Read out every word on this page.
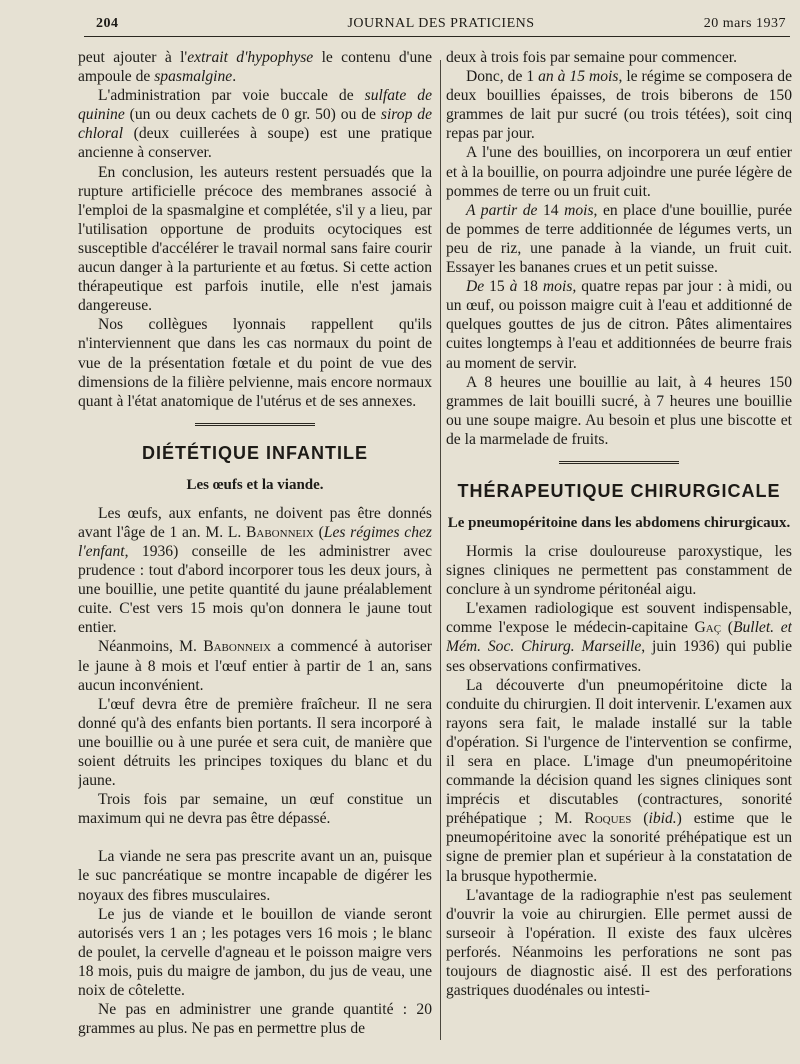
204	JOURNAL DES PRATICIENS	20 mars 1937

peut ajouter à l'extrait d'hypophyse le contenu d'une ampoule de spasmalgine.

L'administration par voie buccale de sulfate de quinine (un ou deux cachets de 0 gr. 50) ou de sirop de chloral (deux cuillerées à soupe) est une pratique ancienne à conserver.

En conclusion, les auteurs restent persuadés que la rupture artificielle précoce des membranes associé à l'emploi de la spasmalgine et complétée, s'il y a lieu, par l'utilisation opportune de produits ocytociques est susceptible d'accélérer le travail normal sans faire courir aucun danger à la parturiente et au fœtus. Si cette action thérapeutique est parfois inutile, elle n'est jamais dangereuse.

Nos collègues lyonnais rappellent qu'ils n'interviennent que dans les cas normaux du point de vue de la présentation fœtale et du point de vue des dimensions de la filière pelvienne, mais encore normaux quant à l'état anatomique de l'utérus et de ses annexes.

DIÉTÉTIQUE INFANTILE
Les œufs et la viande.

Les œufs, aux enfants, ne doivent pas être donnés avant l'âge de 1 an. M. L. Babonneix (Les régimes chez l'enfant, 1936) conseille de les administrer avec prudence : tout d'abord incorporer tous les deux jours, à une bouillie, une petite quantité du jaune préalablement cuite. C'est vers 15 mois qu'on donnera le jaune tout entier.

Néanmoins, M. Babonneix a commencé à autoriser le jaune à 8 mois et l'œuf entier à partir de 1 an, sans aucun inconvénient.

L'œuf devra être de première fraîcheur. Il ne sera donné qu'à des enfants bien portants. Il sera incorporé à une bouillie ou à une purée et sera cuit, de manière que soient détruits les principes toxiques du blanc et du jaune.

Trois fois par semaine, un œuf constitue un maximum qui ne devra pas être dépassé.

La viande ne sera pas prescrite avant un an, puisque le suc pancréatique se montre incapable de digérer les noyaux des fibres musculaires.

Le jus de viande et le bouillon de viande seront autorisés vers 1 an ; les potages vers 16 mois ; le blanc de poulet, la cervelle d'agneau et le poisson maigre vers 18 mois, puis du maigre de jambon, du jus de veau, une noix de côtelette.

Ne pas en administrer une grande quantité : 20 grammes au plus. Ne pas en permettre plus de

deux à trois fois par semaine pour commencer.

Donc, de 1 an à 15 mois, le régime se composera de deux bouillies épaisses, de trois biberons de 150 grammes de lait pur sucré (ou trois tétées), soit cinq repas par jour.

A l'une des bouillies, on incorporera un œuf entier et à la bouillie, on pourra adjoindre une purée légère de pommes de terre ou un fruit cuit.

A partir de 14 mois, en place d'une bouillie, purée de pommes de terre additionnée de légumes verts, un peu de riz, une panade à la viande, un fruit cuit. Essayer les bananes crues et un petit suisse.

De 15 à 18 mois, quatre repas par jour : à midi, ou un œuf, ou poisson maigre cuit à l'eau et additionné de quelques gouttes de jus de citron. Pâtes alimentaires cuites longtemps à l'eau et additionnées de beurre frais au moment de servir.

A 8 heures une bouillie au lait, à 4 heures 150 grammes de lait bouilli sucré, à 7 heures une bouillie ou une soupe maigre. Au besoin et plus une biscotte et de la marmelade de fruits.

THÉRAPEUTIQUE CHIRURGICALE
Le pneumopéritoine dans les abdomens chirurgicaux.

Hormis la crise douloureuse paroxystique, les signes cliniques ne permettent pas constamment de conclure à un syndrome péritonéal aigu.

L'examen radiologique est souvent indispensable, comme l'expose le médecin-capitaine Gaç (Bullet. et Mém. Soc. Chirurg. Marseille, juin 1936) qui publie ses observations confirmatives.

La découverte d'un pneumopéritoine dicte la conduite du chirurgien. Il doit intervenir. L'examen aux rayons sera fait, le malade installé sur la table d'opération. Si l'urgence de l'intervention se confirme, il sera en place. L'image d'un pneumopéritoine commande la décision quand les signes cliniques sont imprécis et discutables (contractures, sonorité préhépatique ; M. Roques (ibid.) estime que le pneumopéritoine avec la sonorité préhépatique est un signe de premier plan et supérieur à la constatation de la brusque hypothermie.

L'avantage de la radiographie n'est pas seulement d'ouvrir la voie au chirurgien. Elle permet aussi de surseoir à l'opération. Il existe des faux ulcères perforés. Néanmoins les perforations ne sont pas toujours de diagnostic aisé. Il est des perforations gastriques duodénales ou intesti-
